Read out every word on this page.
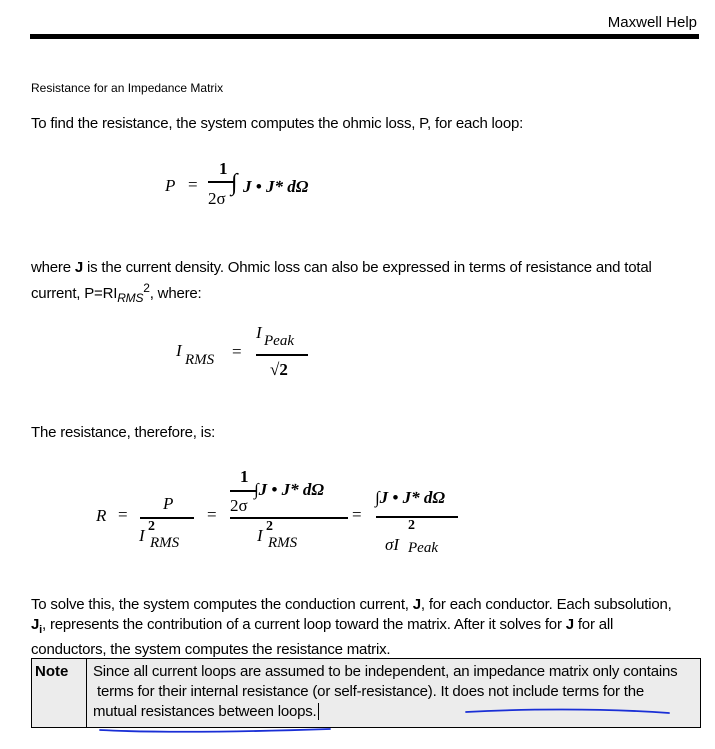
Maxwell Help
Resistance for an Impedance Matrix
To find the resistance, the system computes the ohmic loss, P, for each loop:
P =
1
2σ
∫ J • J* dΩ
where J is the current density. Ohmic loss can also be expressed in terms of resistance and total
current, $P=RI_{RMS}^2$, where:
I RMS =
I Peak
√2
The resistance, therefore, is:
R =
P
I 2
RMS
=
1
2σ
∫J • J* dΩ
I 2
RMS
=
∫J • J* dΩ
σI
2
Peak
To solve this, the system computes the conduction current, J, for each conductor. Each subsolution,
$J_i$, represents the contribution of a current loop toward the matrix. After it solves for J for all
conductors, the system computes the resistance matrix.
Note Since all current loops are assumed to be independent, an impedance matrix only contains
terms for their internal resistance (or self-resistance). It does not include terms for the
mutual resistances between loops.
